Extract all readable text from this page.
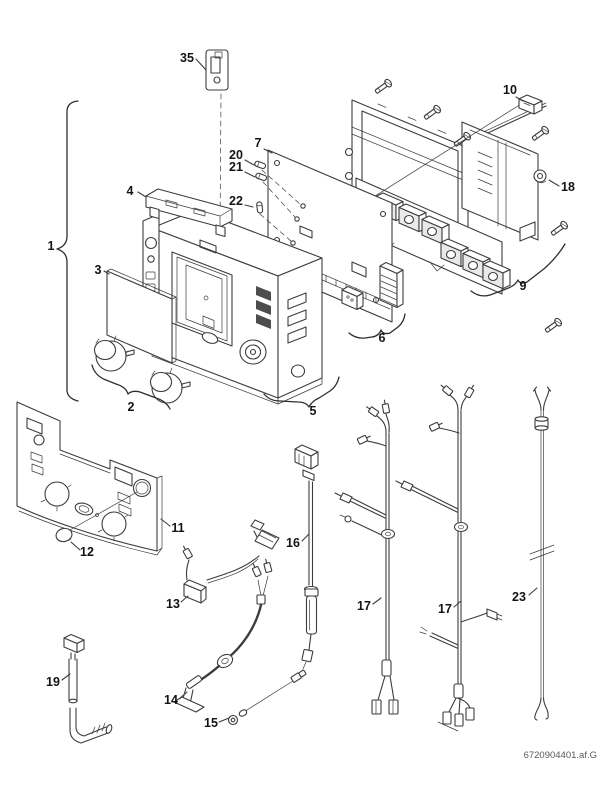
1
2
3
4
5
6
7
9
10
11
12
13
14
15
16
17	17
18
19
20
21
22
23
35
6720904401.af.G
